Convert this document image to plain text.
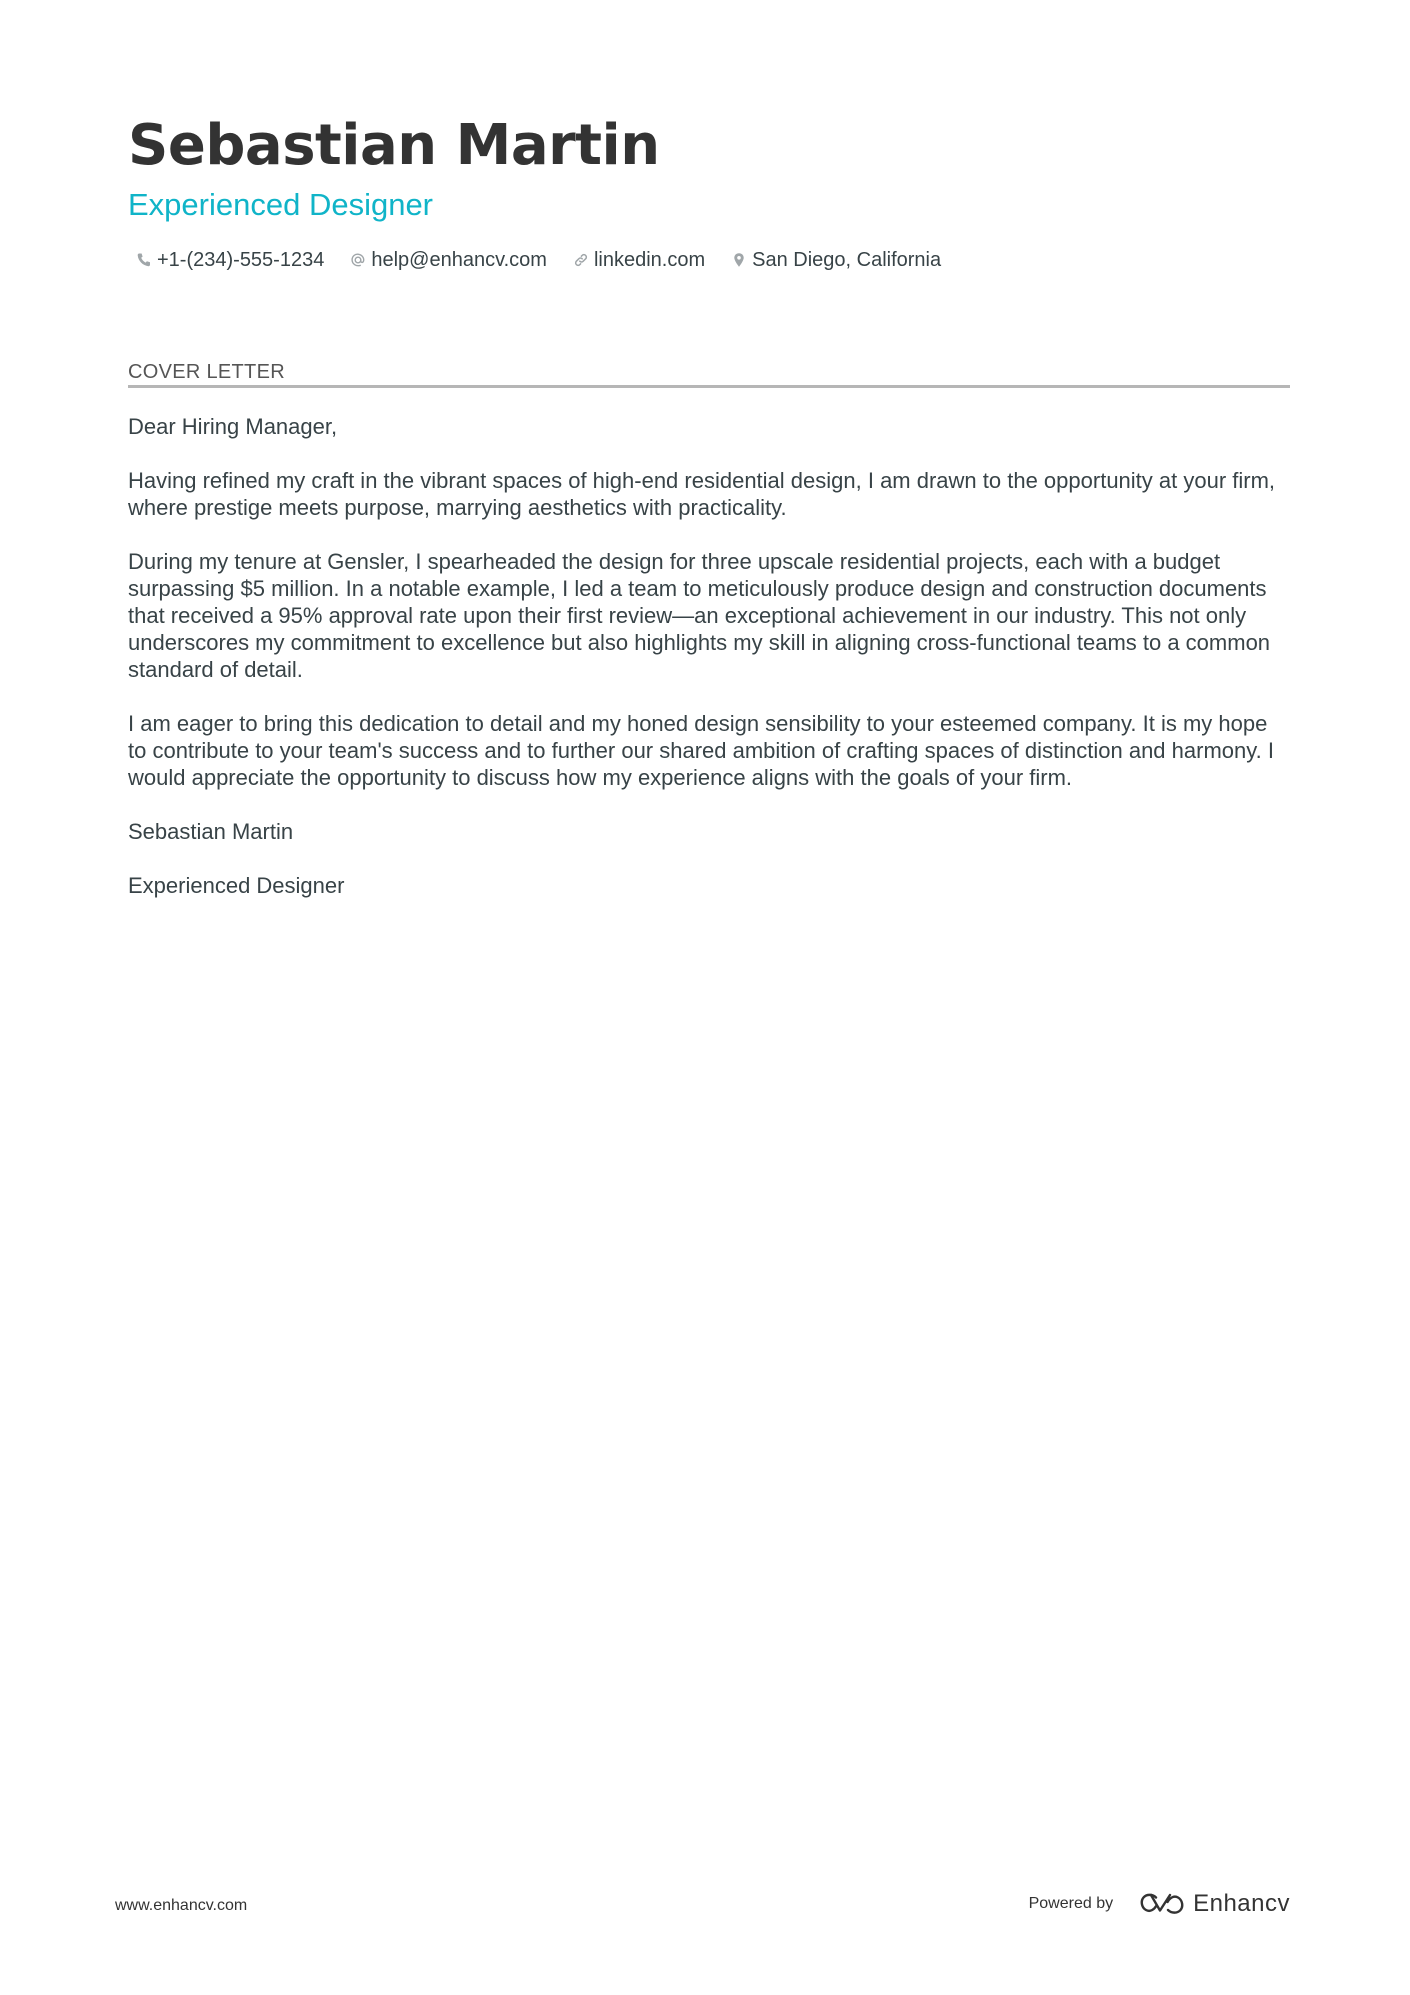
Sebastian Martin
Experienced Designer
+1-(234)-555-1234 help@enhancv.com linkedin.com San Diego, California
COVER LETTER

Dear Hiring Manager,

Having refined my craft in the vibrant spaces of high-end residential design, I am drawn to the opportunity at your firm, where prestige meets purpose, marrying aesthetics with practicality.

During my tenure at Gensler, I spearheaded the design for three upscale residential projects, each with a budget surpassing $5 million. In a notable example, I led a team to meticulously produce design and construction documents that received a 95% approval rate upon their first review—an exceptional achievement in our industry. This not only underscores my commitment to excellence but also highlights my skill in aligning cross-functional teams to a common standard of detail.

I am eager to bring this dedication to detail and my honed design sensibility to your esteemed company. It is my hope to contribute to your team's success and to further our shared ambition of crafting spaces of distinction and harmony. I would appreciate the opportunity to discuss how my experience aligns with the goals of your firm.

Sebastian Martin

Experienced Designer

www.enhancv.com	Powered by	Enhancv
